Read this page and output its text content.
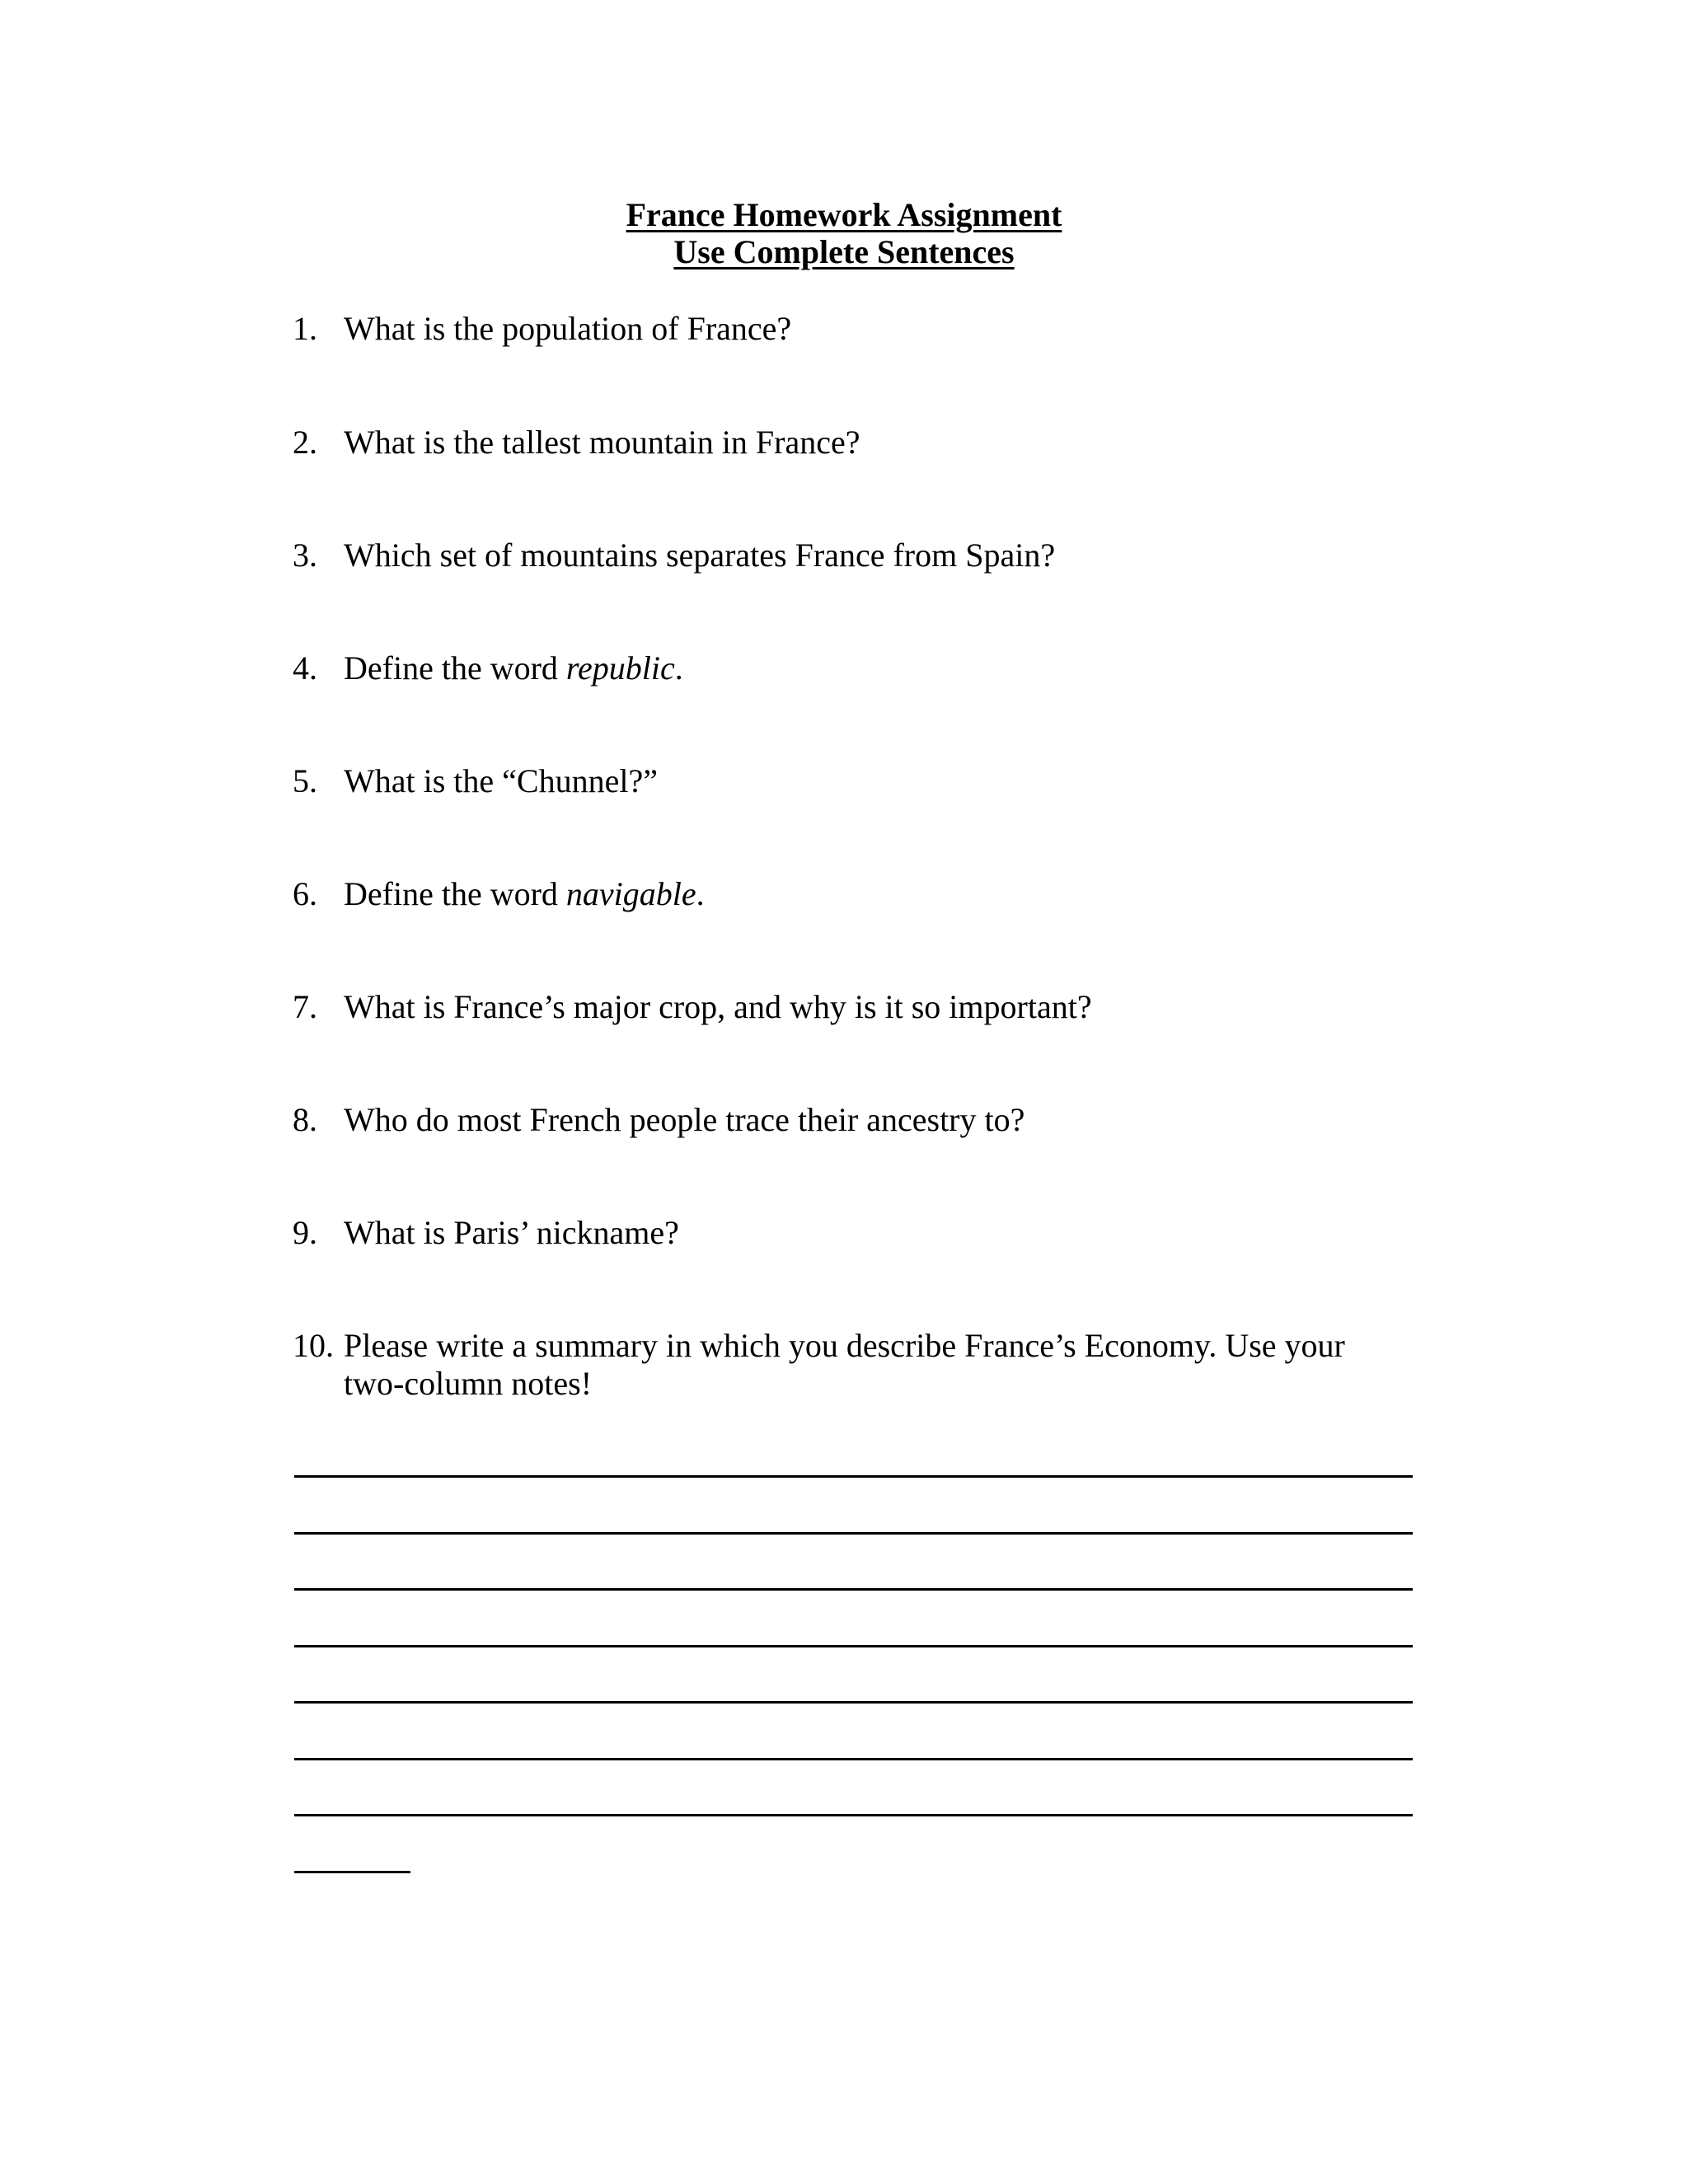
France Homework Assignment
Use Complete Sentences
1. What is the population of France?
2. What is the tallest mountain in France?
3. Which set of mountains separates France from Spain?
4. Define the word republic.
5. What is the “Chunnel?”
6. Define the word navigable.
7. What is France’s major crop, and why is it so important?
8. Who do most French people trace their ancestry to?
9. What is Paris’ nickname?
10. Please write a summary in which you describe France’s Economy. Use your two-column notes!
